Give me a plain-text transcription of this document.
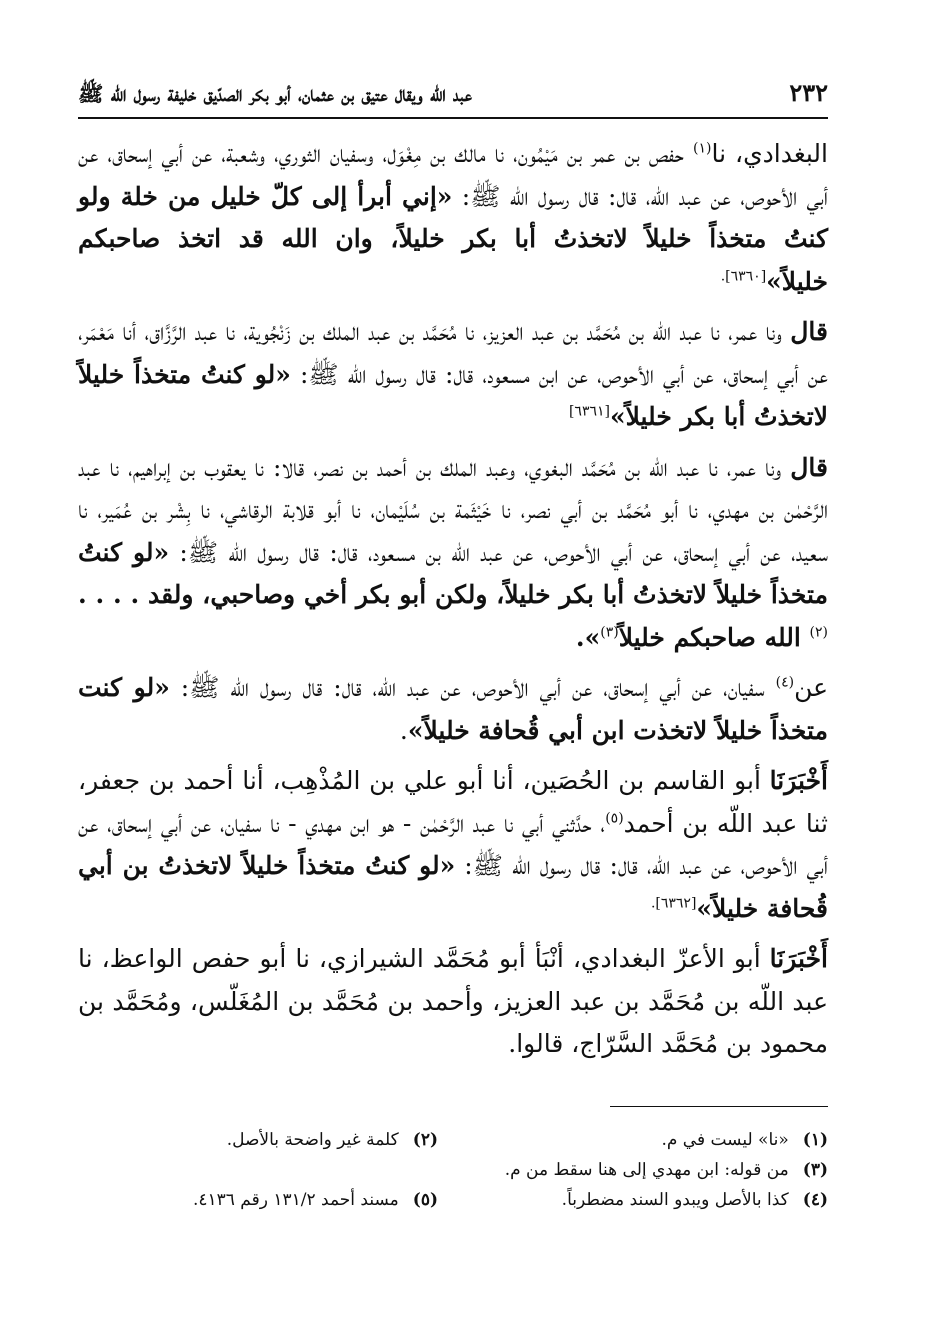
٢٣٢
عبد اللّه ويقال عتيق بن عثمان، أبو بكر الصدّيق خليفة رسول اللّه ﷺ

البغدادي، نا$^{(١)}$ حفص بن عمر بن مَيْمُون، نا مالك بن مِغْوَل، وسفيان الثوري، وشعبة، عن أبي إسحاق، عن أبي الأحوص، عن عبد اللّه، قال: قال رسول اللّه ﷺ: «إني أبرأ إلى كلّ خليل من خلة ولو كنتُ متخذاً خليلاً لاتخذتُ أبا بكر خليلاً، وان الله قد اتخذ صاحبكم خليلاً»$^{[٦٣٦٠].}$

قال ونا عمر، نا عبد اللّه بن مُحَمَّد بن عبد العزيز، نا مُحَمَّد بن عبد الملك بن زَنْجُوية، نا عبد الرَّزَّاق، أنا مَعْمَر، عن أبي إسحاق، عن أبي الأحوص، عن ابن مسعود، قال: قال رسول اللّه ﷺ: «لو كنتُ متخذاً خليلاً لاتخذتُ أبا بكر خليلاً»[٦٣٦١]

قال ونا عمر، نا عبد اللّه بن مُحَمَّد البغوي، وعبد الملك بن أحمد بن نصر، قالا: نا يعقوب بن إبراهيم، نا عبد الرَّحْمٰن بن مهدي، نا أبو مُحَمَّد بن أبي نصر، نا خَيْثَمة بن سُلَيْمان، نا أبو قلابة الرقاشي، نا بِشْر بن عُمَير، نا سعيد، عن أبي إسحاق، عن أبي الأحوص، عن عبد اللّه بن مسعود، قال: قال رسول اللّه ﷺ: «لو كنتُ متخذاً خليلاً لاتخذتُ أبا بكر خليلاً، ولكن أبو بكر أخي وصاحبي، ولقد . . . . $^{(٢)}$ الله صاحبكم خليلاً$^{(٣)}$».

عن$^{(٤)}$ سفيان، عن أبي إسحاق، عن أبي الأحوص، عن عبد اللّه، قال: قال رسول اللّه ﷺ: «لو كنت متخذاً خليلاً لاتخذت ابن أبي قُحافة خليلاً».

أَخْبَرَنَا أبو القاسم بن الحُصَين، أنا أبو علي بن المُذْهِب، أنا أحمد بن جعفر، ثنا عبد اللّه بن أحمد$^{(٥)}$، حدَّثني أبي نا عبد الرَّحْمٰن - هو ابن مهدي - نا سفيان، عن أبي إسحاق، عن أبي الأحوص، عن عبد اللّه، قال: قال رسول اللّه ﷺ: «لو كنتُ متخذاً خليلاً لاتخذتُ بن أبي قُحافة خليلاً»$^{[٦٣٦٢].}$

أَخْبَرَنَا أبو الأعزّ البغدادي، أنْبَأ أبو مُحَمَّد الشيرازي، نا أبو حفص الواعظ، نا عبد اللّه بن مُحَمَّد بن عبد العزيز، وأحمد بن مُحَمَّد بن المُغَلّس، ومُحَمَّد بن محمود بن مُحَمَّد السَّرّاج، قالوا.

(١)«نا» ليست في م.
(٢)كلمة غير واضحة بالأصل.
(٣)من قوله: ابن مهدي إلى هنا سقط من م.
(٤)كذا بالأصل ويبدو السند مضطرباً.
(٥)مسند أحمد ١٣١/٢ رقم ٤١٣٦.
